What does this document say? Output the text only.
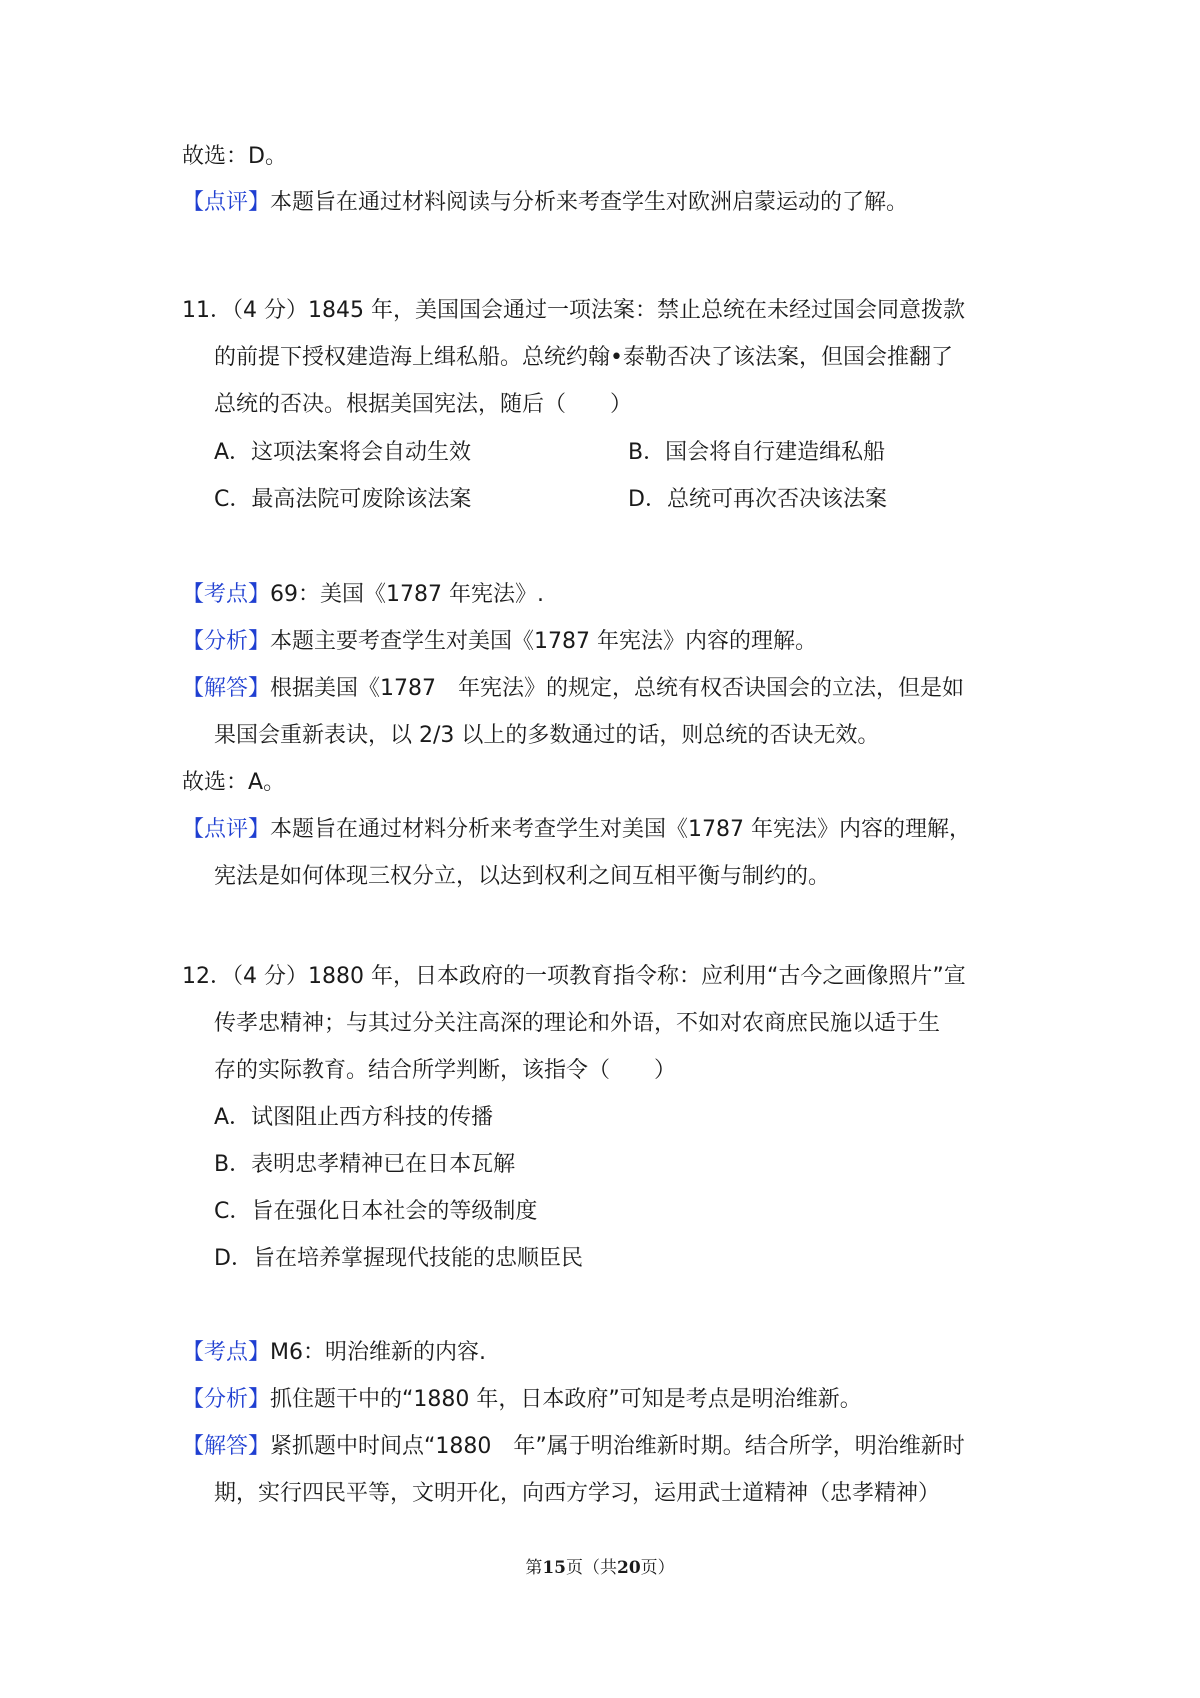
故选：D。
【点评】本题旨在通过材料阅读与分析来考查学生对欧洲启蒙运动的了解。
11．（4 分）1845 年，美国国会通过一项法案：禁止总统在未经过国会同意拨款
的前提下授权建造海上缉私船。总统约翰•泰勒否决了该法案，但国会推翻了
总统的否决。根据美国宪法，随后（　　）
A．这项法案将会自动生效	B．国会将自行建造缉私船
C．最高法院可废除该法案	D．总统可再次否决该法案
【考点】69：美国《1787 年宪法》.
【分析】本题主要考查学生对美国《1787 年宪法》内容的理解。
【解答】根据美国《1787　年宪法》的规定，总统有权否诀国会的立法，但是如
果国会重新表诀，以 2/3 以上的多数通过的话，则总统的否诀无效。
故选：A。
【点评】本题旨在通过材料分析来考查学生对美国《1787 年宪法》内容的理解，
宪法是如何体现三权分立，以达到权利之间互相平衡与制约的。
12．（4 分）1880 年，日本政府的一项教育指令称：应利用“古今之画像照片”宣
传孝忠精神；与其过分关注高深的理论和外语，不如对农商庶民施以适于生
存的实际教育。结合所学判断，该指令（　　）
A．试图阻止西方科技的传播
B．表明忠孝精神已在日本瓦解
C．旨在强化日本社会的等级制度
D．旨在培养掌握现代技能的忠顺臣民
【考点】M6：明治维新的内容.
【分析】抓住题干中的“1880 年，日本政府”可知是考点是明治维新。
【解答】紧抓题中时间点“1880　年”属于明治维新时期。结合所学，明治维新时
期，实行四民平等，文明开化，向西方学习，运用武士道精神（忠孝精神）
第15页（共20页）
